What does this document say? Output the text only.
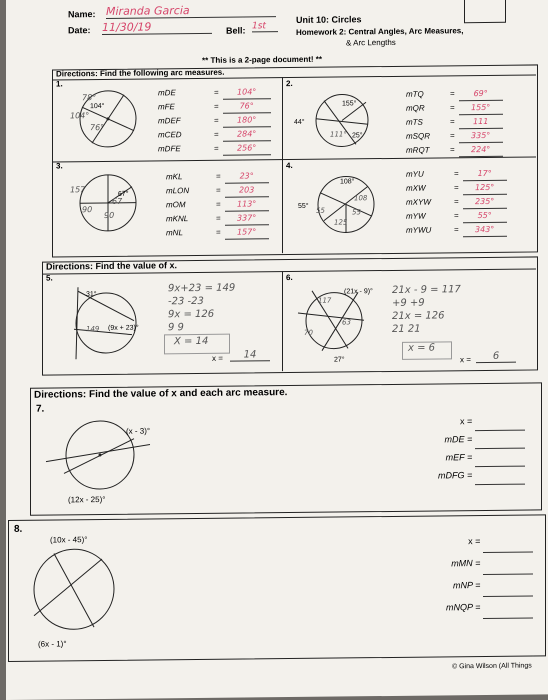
Name: Miranda Garcia
Date: 11/30/19	Bell: 1st
Unit 10: Circles
Homework 2: Central Angles, Arc Measures,
& Arc Lengths
** This is a 2-page document! **
Directions: Find the following arc measures.
1.
104°
78°
104°
76°
mDE	=	104°
mFE	=	76°
mDEF	=	180°
mCED	=	284°
mDFE	=	256°
2.
155°
44°
111° 25°
mTQ	=	69°
mQR	=	155°
mTS	=	111
mSQR	=	335°
mRQT	=	224°
3.
157	67°
90
90
67
mKL	=	23°
mLON	=	203
mOM	=	113°
mKNL	=	337°
mNL	=	157°
4.
108°
55°
55
108
55
125
mYU	=	17°
mXW	=	125°
mXYW	=	235°
mYW	=	55°
mYWU	=	343°
Directions: Find the value of x.
5.
31°
(9x + 23)°
149
9x+23 = 149
-23 -23
9x = 126
9 9
X = 14
x =	14
6.
(21x - 9)°
27°
117
63
70
21x - 9 = 117
+9 +9
21x = 126
21 21
x = 6
x =	6
Directions: Find the value of x and each arc measure.
7.
(x - 3)°
(12x - 25)°
x =
mDE =
mEF =
mDFG =
8.
(10x - 45)°
(6x - 1)°
x =
mMN =
mNP =
mNQP =
© Gina Wilson (All Things
